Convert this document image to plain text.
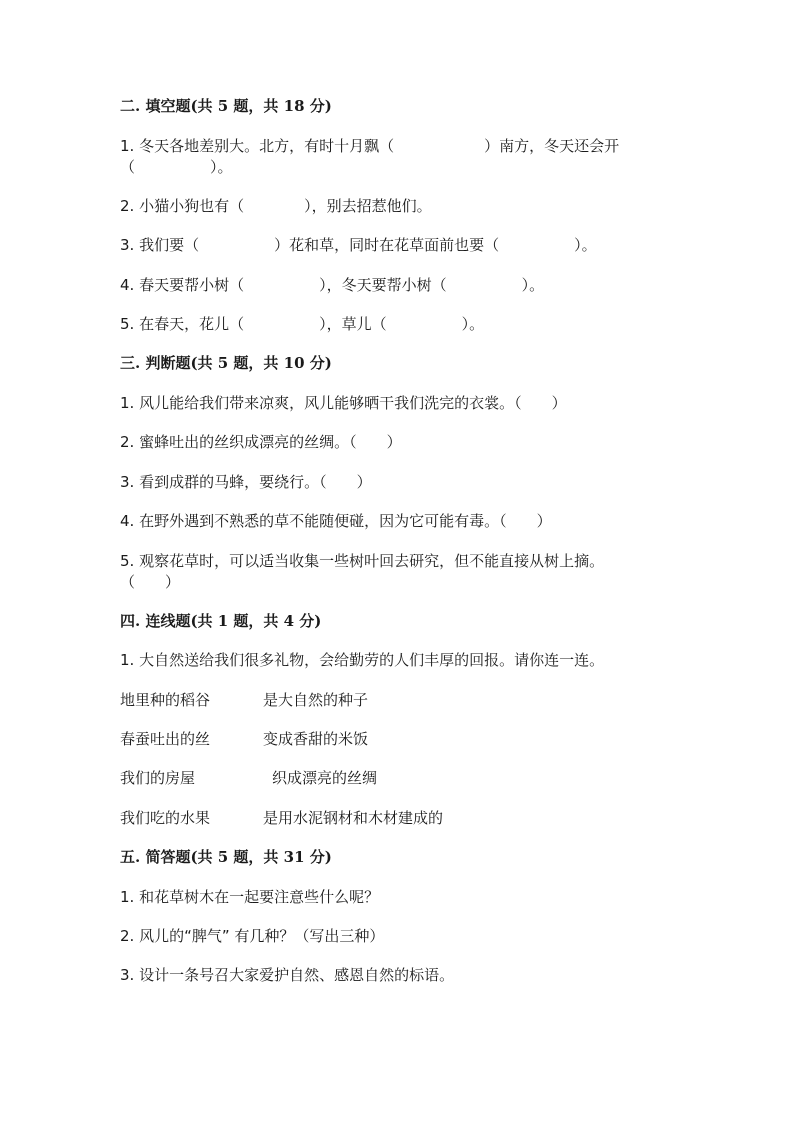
二. 填空题(共 5 题，共 18 分)
1. 冬天各地差别大。北方，有时十月飘（　　　　　　）南方，冬天还会开
（　　　　　）。
2. 小猫小狗也有（　　　　），别去招惹他们。
3. 我们要（　　　　　）花和草，同时在花草面前也要（　　　　　）。
4. 春天要帮小树（　　　　　），冬天要帮小树（　　　　　）。
5. 在春天，花儿（　　　　　），草儿（　　　　　）。
三. 判断题(共 5 题，共 10 分)
1. 风儿能给我们带来凉爽，风儿能够晒干我们洗完的衣裳。（　　）
2. 蜜蜂吐出的丝织成漂亮的丝绸。（　　）
3. 看到成群的马蜂，要绕行。（　　）
4. 在野外遇到不熟悉的草不能随便碰，因为它可能有毒。（　　）
5. 观察花草时，可以适当收集一些树叶回去研究，但不能直接从树上摘。
（　　）
四. 连线题(共 1 题，共 4 分)
1. 大自然送给我们很多礼物，会给勤劳的人们丰厚的回报。请你连一连。
地里种的稻谷	是大自然的种子
春蚕吐出的丝	变成香甜的米饭
我们的房屋	织成漂亮的丝绸
我们吃的水果	是用水泥钢材和木材建成的
五. 简答题(共 5 题，共 31 分)
1. 和花草树木在一起要注意些什么呢？
2. 风儿的“脾气” 有几种？（写出三种）
3. 设计一条号召大家爱护自然、感恩自然的标语。
